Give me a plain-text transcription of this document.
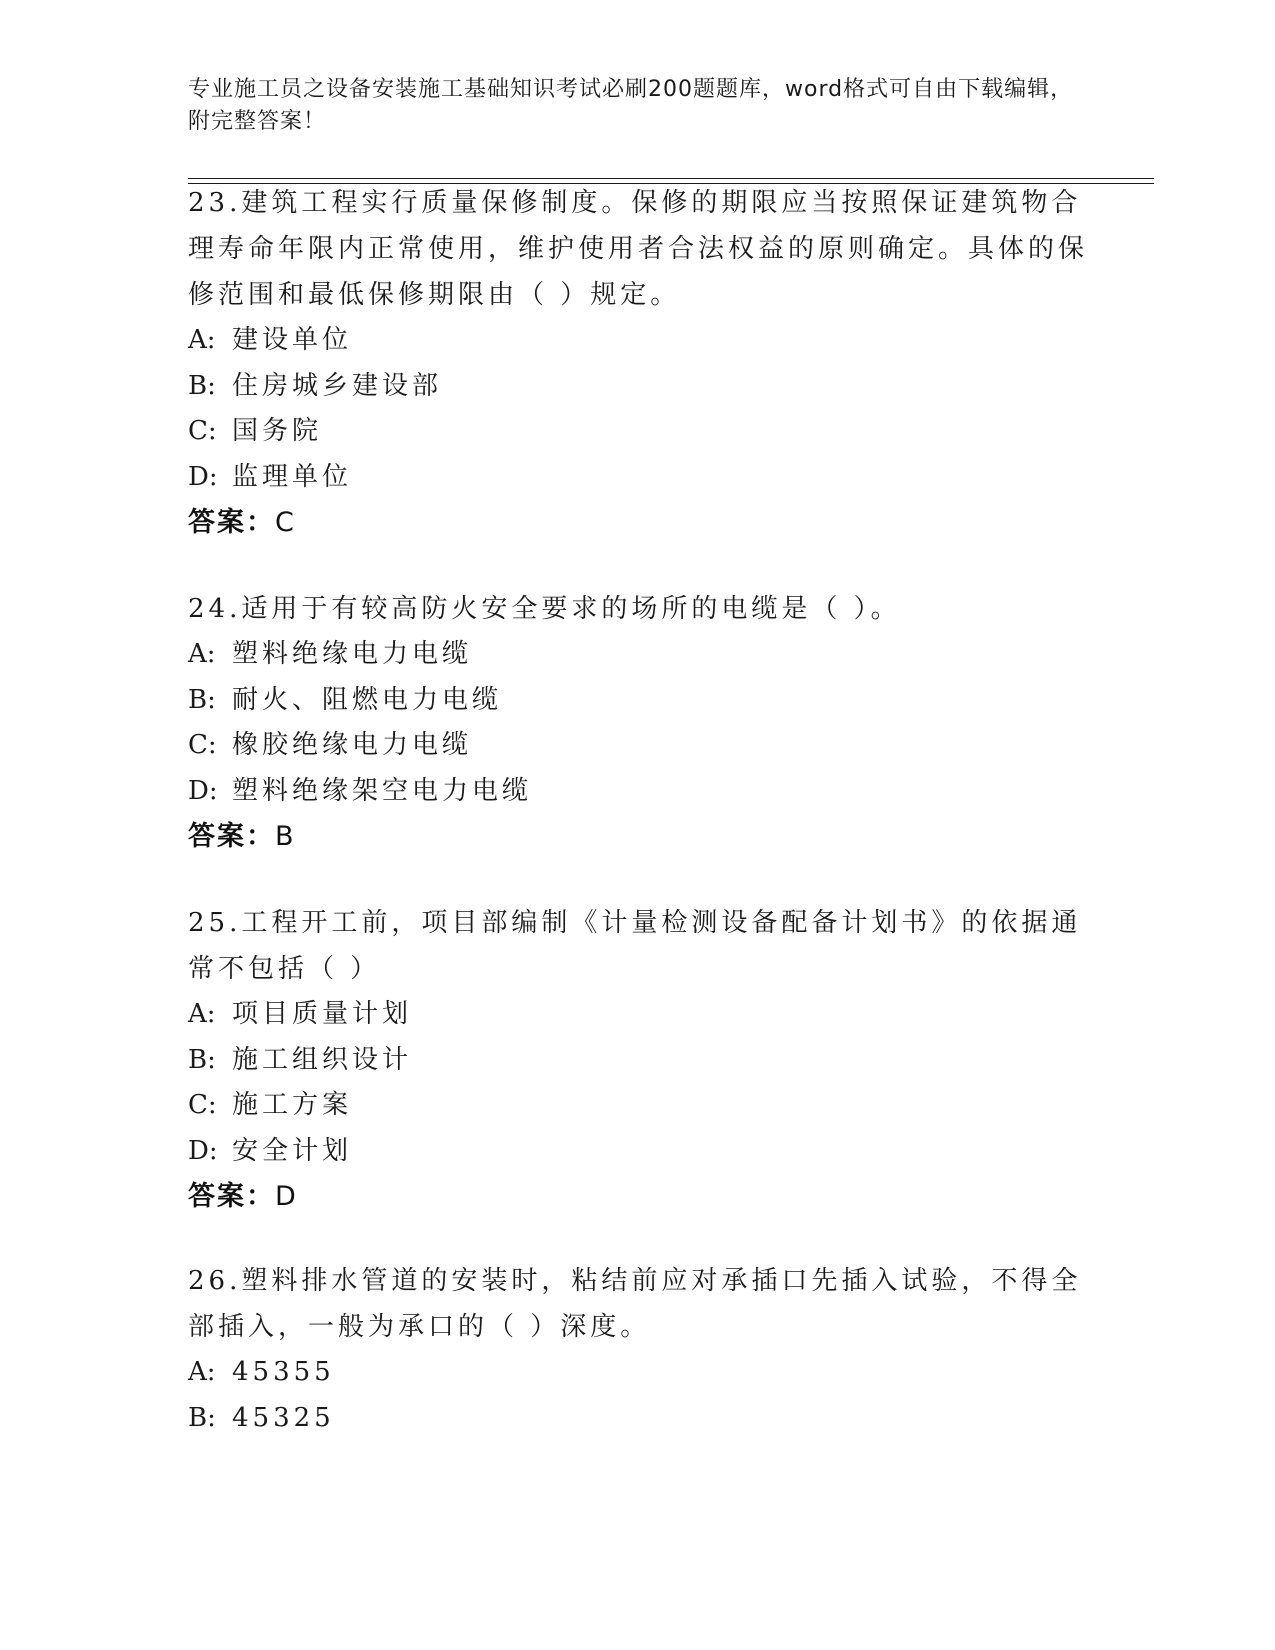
专业施工员之设备安装施工基础知识考试必刷200题题库，word格式可自由下载编辑，附完整答案！

23.建筑工程实行质量保修制度。保修的期限应当按照保证建筑物合理寿命年限内正常使用，维护使用者合法权益的原则确定。具体的保修范围和最低保修期限由（ ）规定。

A: 建设单位

B: 住房城乡建设部

C: 国务院

D: 监理单位

答案：C

24.适用于有较高防火安全要求的场所的电缆是（ ）。

A: 塑料绝缘电力电缆

B: 耐火、阻燃电力电缆

C: 橡胶绝缘电力电缆

D: 塑料绝缘架空电力电缆

答案：B

25.工程开工前，项目部编制《计量检测设备配备计划书》的依据通常不包括（ ）

A: 项目质量计划

B: 施工组织设计

C: 施工方案

D: 安全计划

答案：D

26.塑料排水管道的安装时，粘结前应对承插口先插入试验，不得全部插入，一般为承口的（ ）深度。

A: 45355

B: 45325
